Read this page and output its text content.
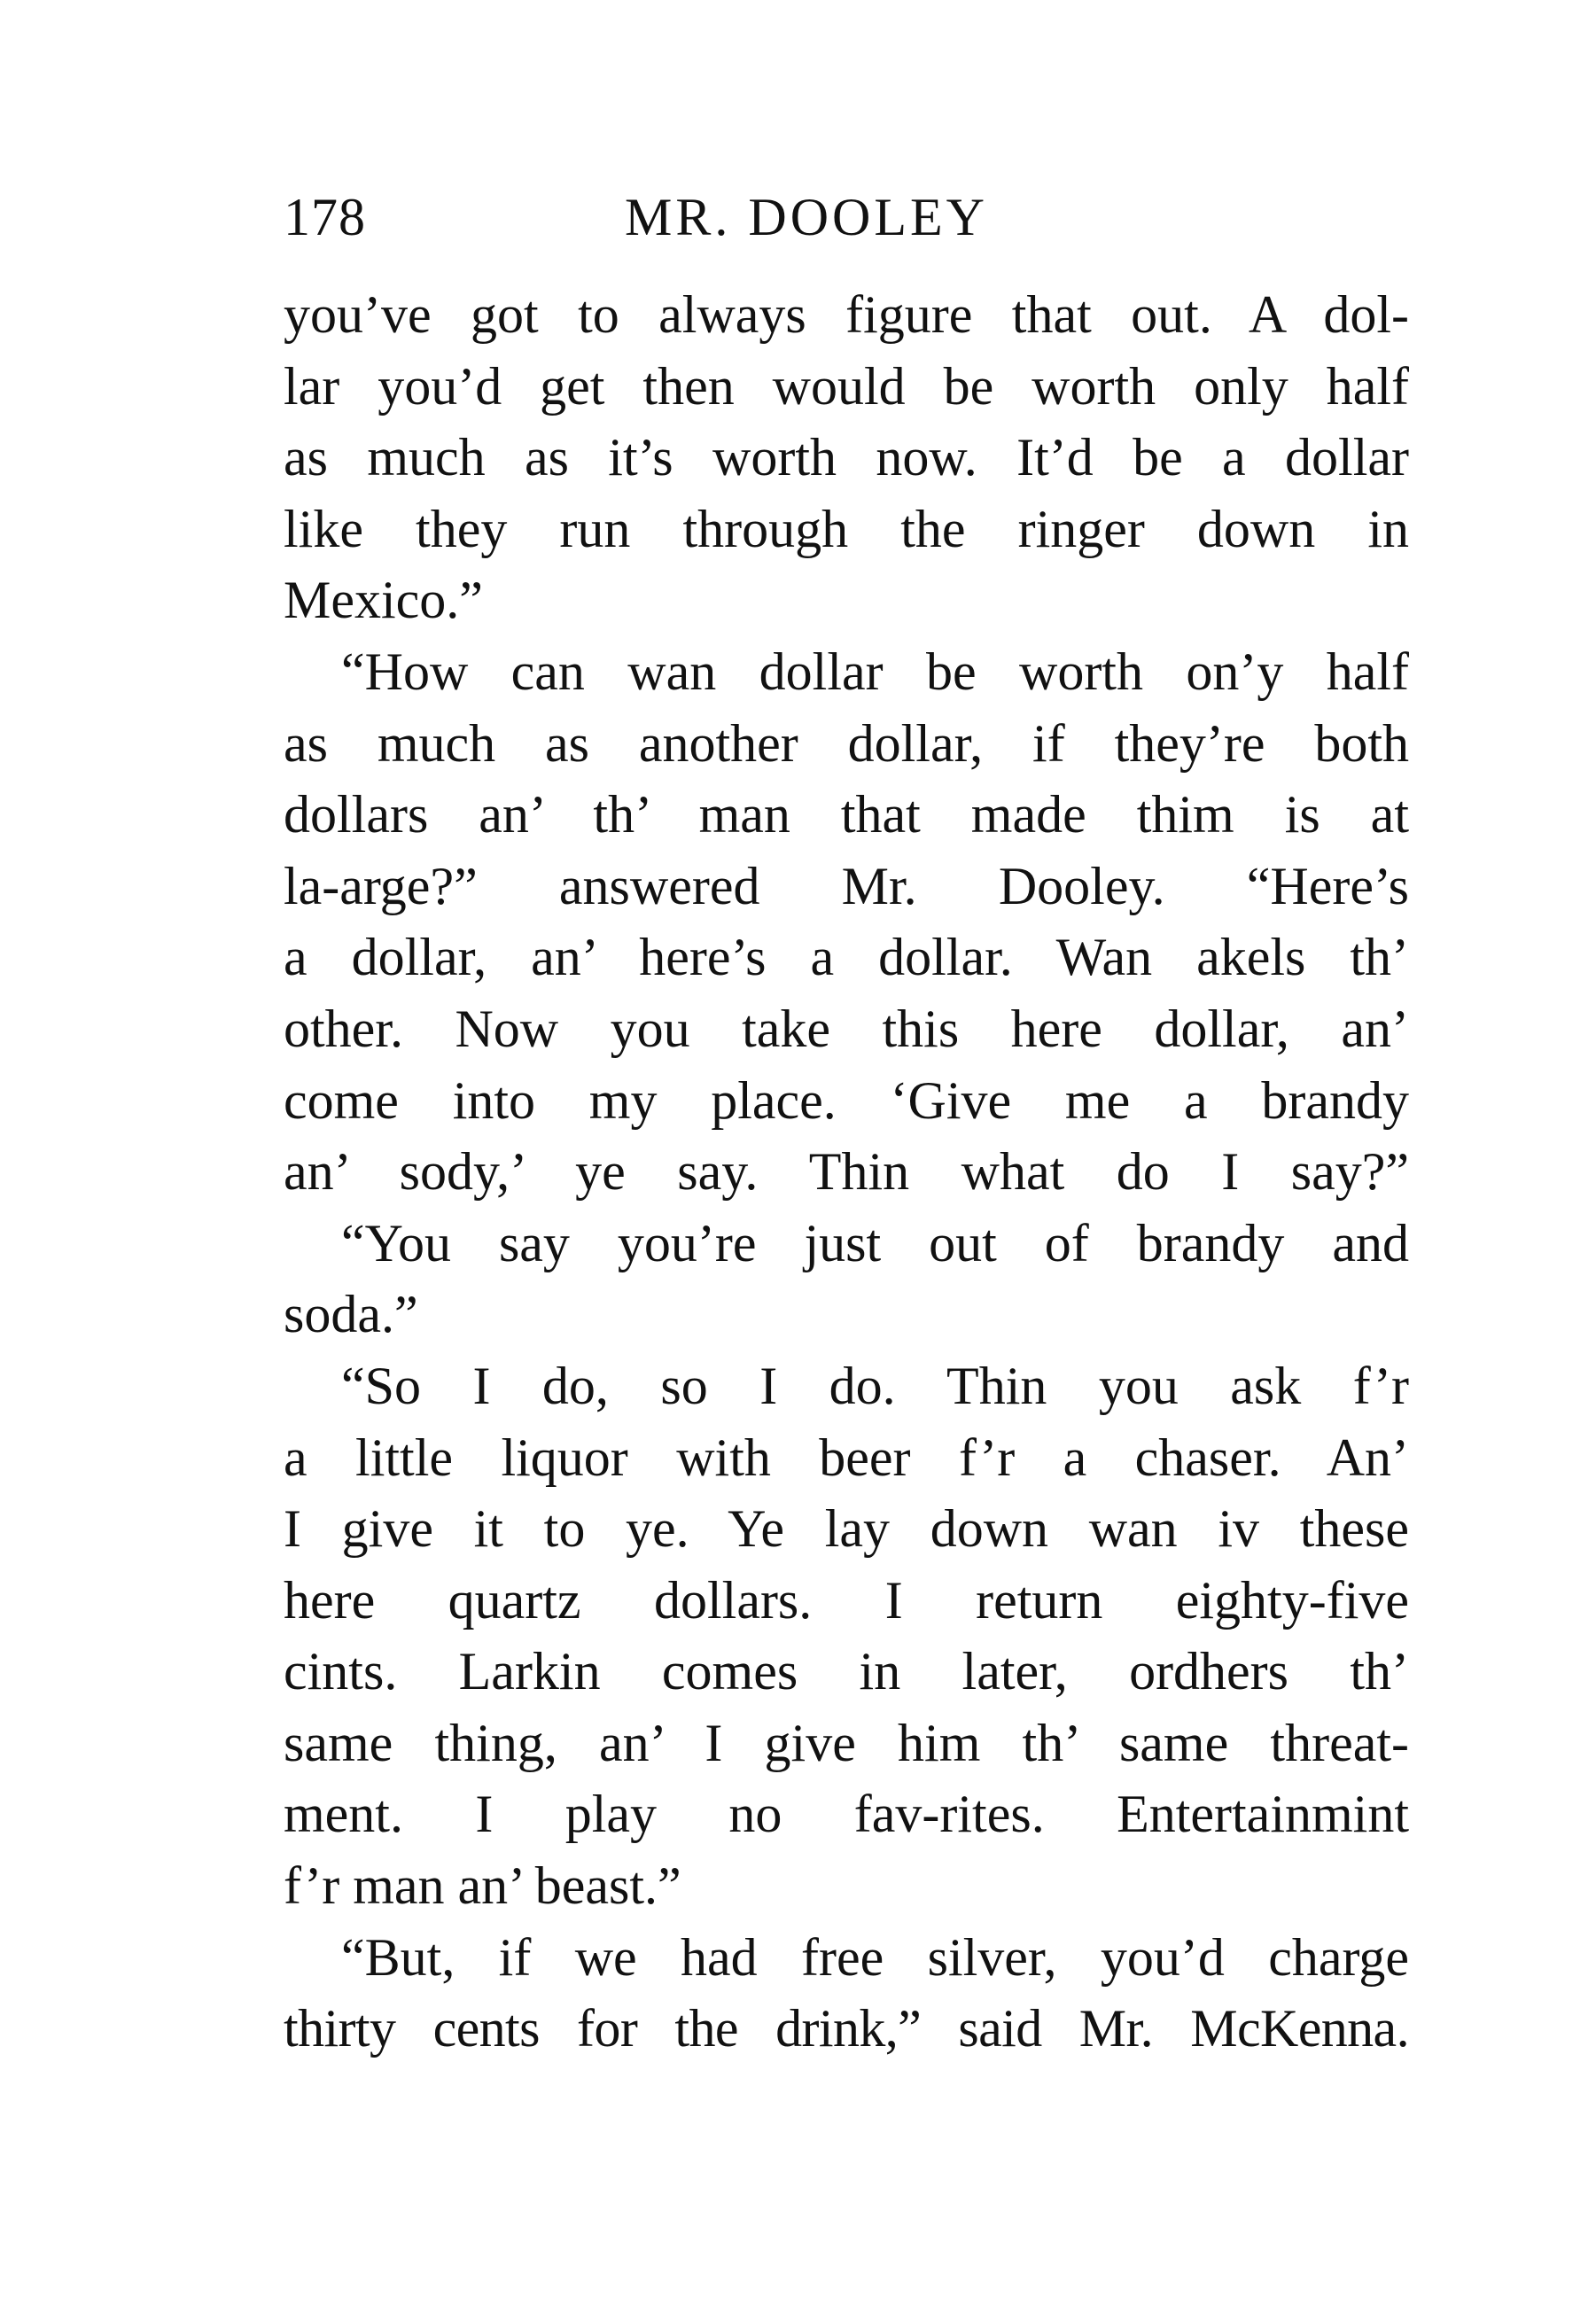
178	MR. DOOLEY
you’ve got to always figure that out. A dol-
lar you’d get then would be worth only half
as much as it’s worth now. It’d be a dollar
like they run through the ringer down in
Mexico.”
“How can wan dollar be worth on’y half
as much as another dollar, if they’re both
dollars an’ th’ man that made thim is at
la-arge?” answered Mr. Dooley. “Here’s
a dollar, an’ here’s a dollar. Wan akels th’
other. Now you take this here dollar, an’
come into my place. ‘Give me a brandy
an’ sody,’ ye say. Thin what do I say?”
“You say you’re just out of brandy and
soda.”
“So I do, so I do. Thin you ask f’r
a little liquor with beer f’r a chaser. An’
I give it to ye. Ye lay down wan iv these
here quartz dollars. I return eighty-five
cints. Larkin comes in later, ordhers th’
same thing, an’ I give him th’ same threat-
ment. I play no fav-rites. Entertainmint
f’r man an’ beast.”
“But, if we had free silver, you’d charge
thirty cents for the drink,” said Mr. McKenna.
